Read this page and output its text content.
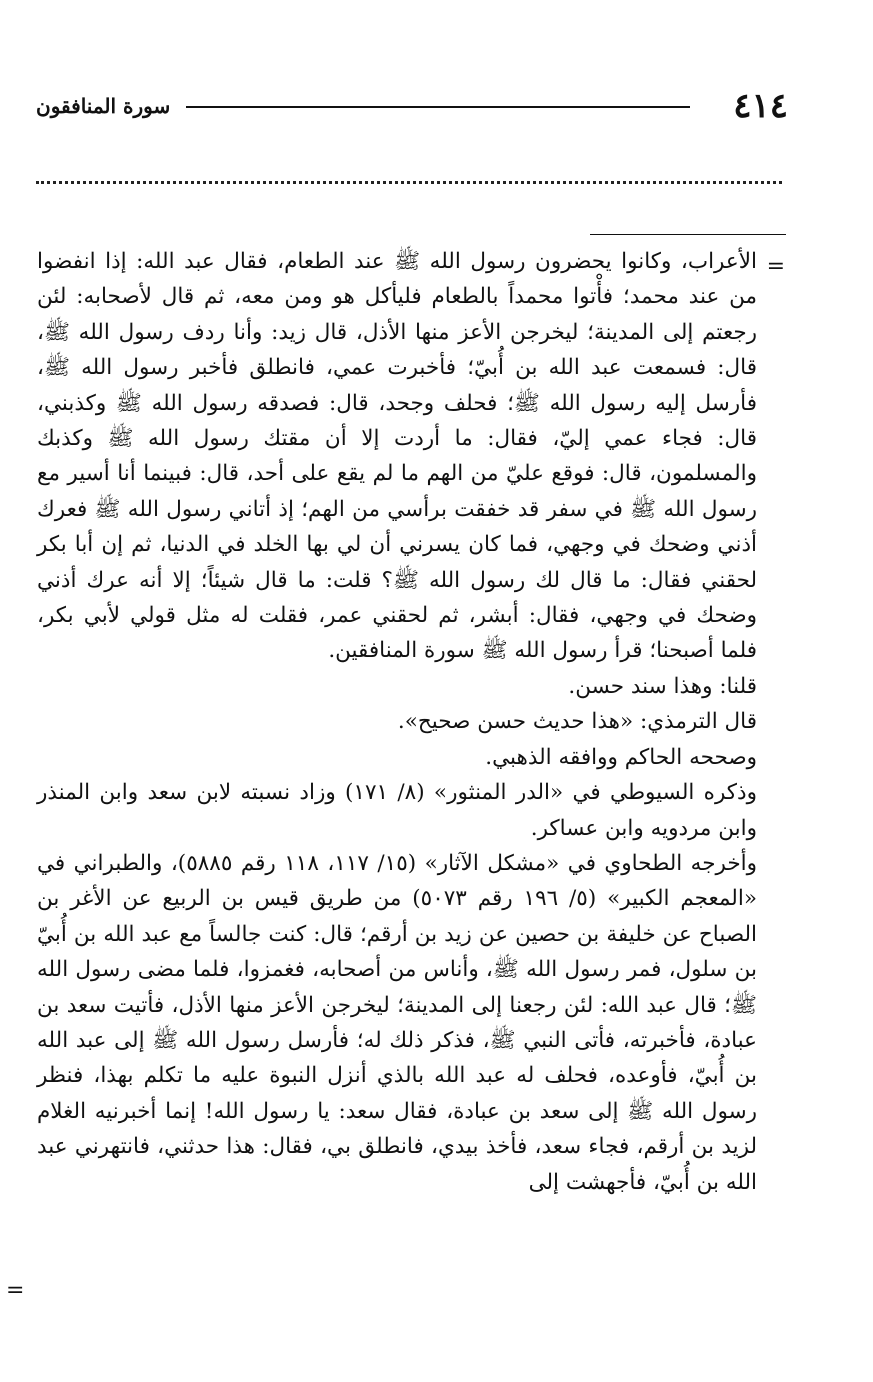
٤١٤
سورة المنافقون
=
=

الأعراب، وكانوا يحضرون رسول الله ﷺ عند الطعام، فقال عبد الله: إذا انفضوا من عند محمد؛ فأْتوا محمداً بالطعام فليأكل هو ومن معه، ثم قال لأصحابه: لئن رجعتم إلى المدينة؛ ليخرجن الأعز منها الأذل، قال زيد: وأنا ردف رسول الله ﷺ، قال: فسمعت عبد الله بن أُبيّ؛ فأخبرت عمي، فانطلق فأخبر رسول الله ﷺ، فأرسل إليه رسول الله ﷺ؛ فحلف وجحد، قال: فصدقه رسول الله ﷺ وكذبني، قال: فجاء عمي إليّ، فقال: ما أردت إلا أن مقتك رسول الله ﷺ وكذبك والمسلمون، قال: فوقع عليّ من الهم ما لم يقع على أحد، قال: فبينما أنا أسير مع رسول الله ﷺ في سفر قد خفقت برأسي من الهم؛ إذ أتاني رسول الله ﷺ فعرك أذني وضحك في وجهي، فما كان يسرني أن لي بها الخلد في الدنيا، ثم إن أبا بكر لحقني فقال: ما قال لك رسول الله ﷺ؟ قلت: ما قال شيئاً؛ إلا أنه عرك أذني وضحك في وجهي، فقال: أبشر، ثم لحقني عمر، فقلت له مثل قولي لأبي بكر، فلما أصبحنا؛ قرأ رسول الله ﷺ سورة المنافقين.

قلنا: وهذا سند حسن.

قال الترمذي: «هذا حديث حسن صحيح».

وصححه الحاكم ووافقه الذهبي.

وذكره السيوطي في «الدر المنثور» (٨/ ١٧١) وزاد نسبته لابن سعد وابن المنذر وابن مردويه وابن عساكر.

وأخرجه الطحاوي في «مشكل الآثار» (١٥/ ١١٧، ١١٨ رقم ٥٨٨٥)، والطبراني في «المعجم الكبير» (٥/ ١٩٦ رقم ٥٠٧٣) من طريق قيس بن الربيع عن الأغر بن الصباح عن خليفة بن حصين عن زيد بن أرقم؛ قال: كنت جالساً مع عبد الله بن أُبيّ بن سلول، فمر رسول الله ﷺ، وأناس من أصحابه، فغمزوا، فلما مضى رسول الله ﷺ؛ قال عبد الله: لئن رجعنا إلى المدينة؛ ليخرجن الأعز منها الأذل، فأتيت سعد بن عبادة، فأخبرته، فأتى النبي ﷺ، فذكر ذلك له؛ فأرسل رسول الله ﷺ إلى عبد الله بن أُبيّ، فأوعده، فحلف له عبد الله بالذي أنزل النبوة عليه ما تكلم بهذا، فنظر رسول الله ﷺ إلى سعد بن عبادة، فقال سعد: يا رسول الله! إنما أخبرنيه الغلام لزيد بن أرقم، فجاء سعد، فأخذ بيدي، فانطلق بي، فقال: هذا حدثني، فانتهرني عبد الله بن أُبيّ، فأجهشت إلى
